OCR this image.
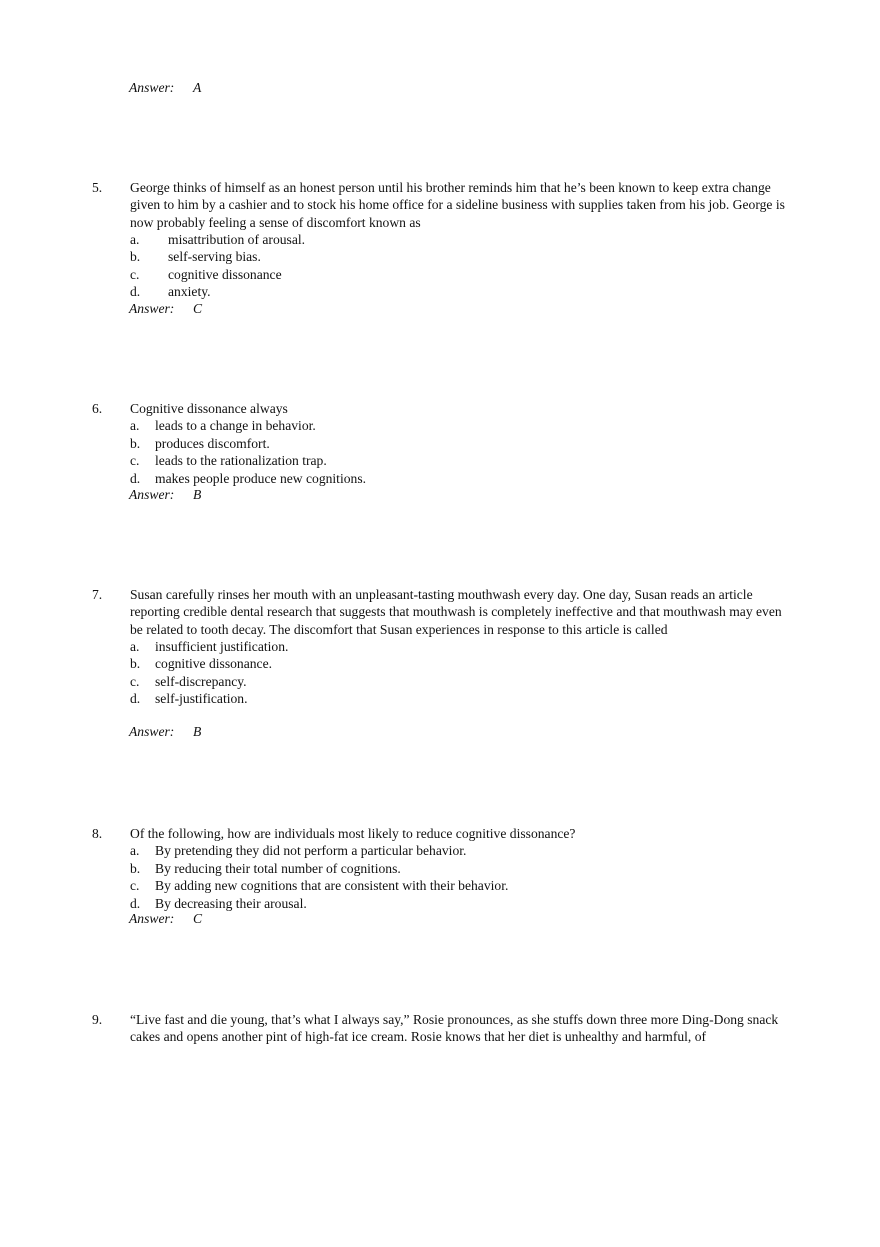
Answer: A
5. George thinks of himself as an honest person until his brother reminds him that he’s been known to keep extra change given to him by a cashier and to stock his home office for a sideline business with supplies taken from his job. George is now probably feeling a sense of discomfort known as
a. misattribution of arousal.
b. self-serving bias.
c. cognitive dissonance
d. anxiety.
Answer: C
6. Cognitive dissonance always
a. leads to a change in behavior.
b. produces discomfort.
c. leads to the rationalization trap.
d. makes people produce new cognitions.
Answer: B
7. Susan carefully rinses her mouth with an unpleasant-tasting mouthwash every day. One day, Susan reads an article reporting credible dental research that suggests that mouthwash is completely ineffective and that mouthwash may even be related to tooth decay. The discomfort that Susan experiences in response to this article is called
a. insufficient justification.
b. cognitive dissonance.
c. self-discrepancy.
d. self-justification.
Answer: B
8. Of the following, how are individuals most likely to reduce cognitive dissonance?
a. By pretending they did not perform a particular behavior.
b. By reducing their total number of cognitions.
c. By adding new cognitions that are consistent with their behavior.
d. By decreasing their arousal.
Answer: C
9. “Live fast and die young, that’s what I always say,” Rosie pronounces, as she stuffs down three more Ding-Dong snack cakes and opens another pint of high-fat ice cream. Rosie knows that her diet is unhealthy and harmful, of
